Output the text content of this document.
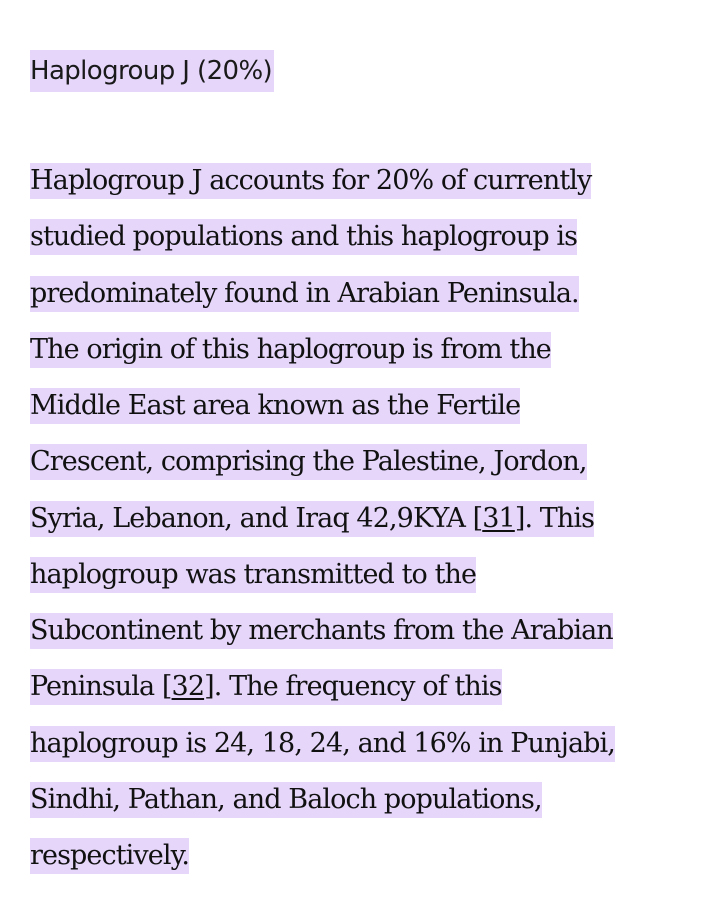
Haplogroup J (20%)
Haplogroup J accounts for 20% of currently
studied populations and this haplogroup is
predominately found in Arabian Peninsula.
The origin of this haplogroup is from the
Middle East area known as the Fertile
Crescent, comprising the Palestine, Jordon,
Syria, Lebanon, and Iraq 42,9KYA [31]. This
haplogroup was transmitted to the
Subcontinent by merchants from the Arabian
Peninsula [32]. The frequency of this
haplogroup is 24, 18, 24, and 16% in Punjabi,
Sindhi, Pathan, and Baloch populations,
respectively.
